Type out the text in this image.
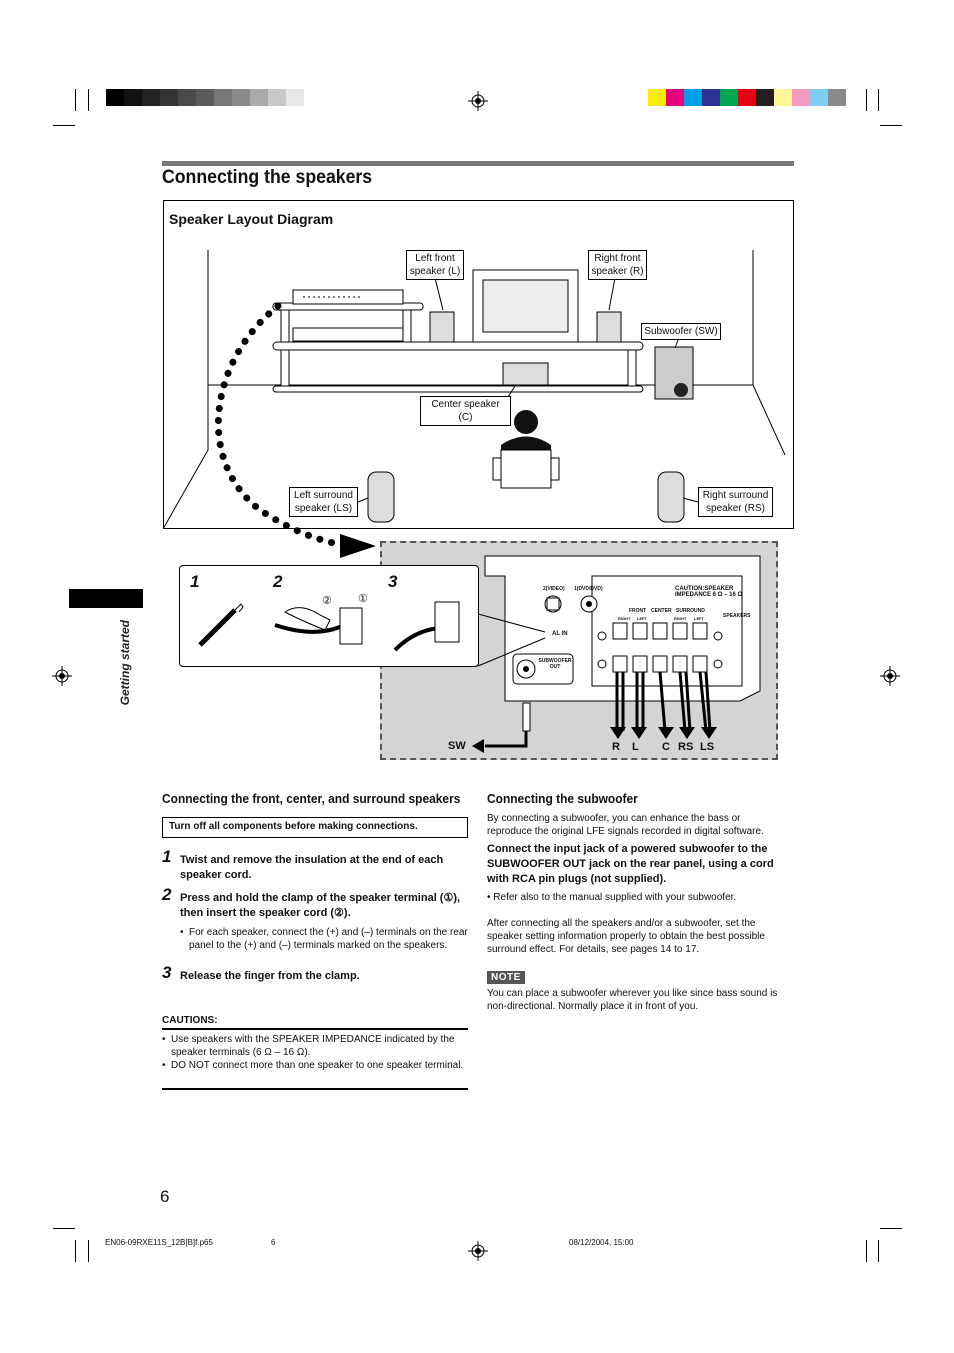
Connecting the speakers
Speaker Layout Diagram
Left front speaker (L)
Right front speaker (R)
Subwoofer (SW)
Center speaker (C)
Left surround speaker (LS)
Right surround speaker (RS)
Getting started
2(VIDEO) 1(DVD/DVD)	CAUTION:SPEAKER IMPEDANCE 6 Ω – 16 Ω
FRONT CENTER SURROUND
SPEAKERS
RIGHT LEFT	RIGHT LEFT
AL IN
SUBWOOFER OUT
R L C RS LS
SW
1	2	3
② ①
Connecting the front, center, and surround speakers
Turn off all components before making connections.
1 Twist and remove the insulation at the end of each speaker cord.
2 Press and hold the clamp of the speaker terminal (①), then insert the speaker cord (②).
• For each speaker, connect the (+) and (–) terminals on the rear panel to the (+) and (–) terminals marked on the speakers.
3 Release the finger from the clamp.
CAUTIONS:
• Use speakers with the SPEAKER IMPEDANCE indicated by the speaker terminals (6 Ω – 16 Ω).
• DO NOT connect more than one speaker to one speaker terminal.
Connecting the subwoofer
By connecting a subwoofer, you can enhance the bass or reproduce the original LFE signals recorded in digital software.
Connect the input jack of a powered subwoofer to the SUBWOOFER OUT jack on the rear panel, using a cord with RCA pin plugs (not supplied).
• Refer also to the manual supplied with your subwoofer.
After connecting all the speakers and/or a subwoofer, set the speaker setting information properly to obtain the best possible surround effect. For details, see pages 14 to 17.
NOTE
You can place a subwoofer wherever you like since bass sound is non-directional. Normally place it in front of you.
6
EN06-09RXE11S_12B[B]f.p65	6	08/12/2004, 15:00
